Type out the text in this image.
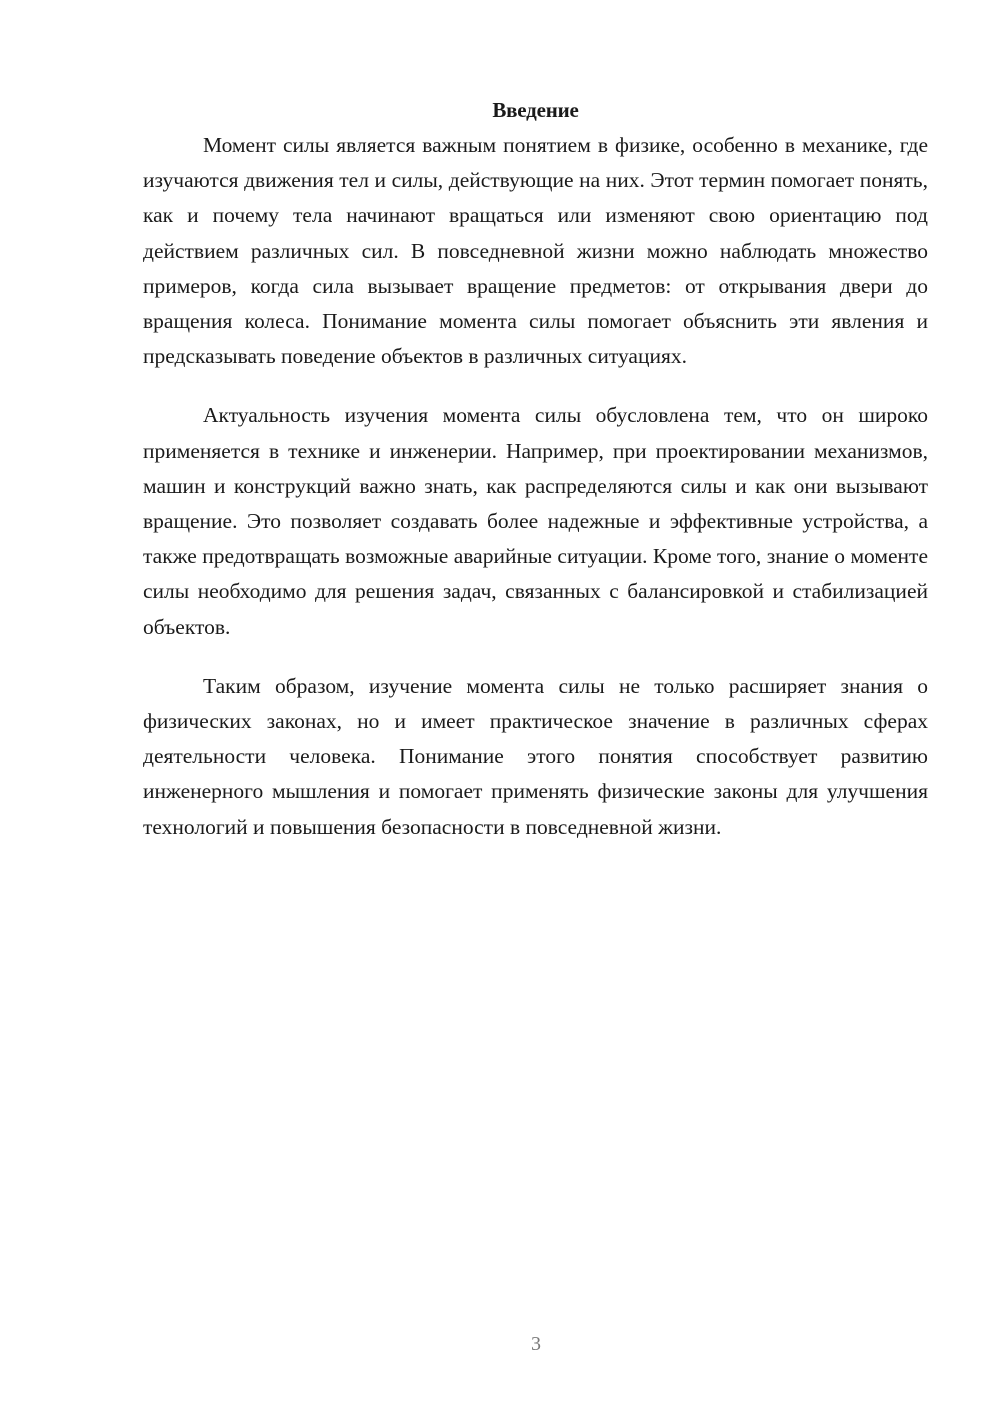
Введение

Момент силы является важным понятием в физике, особенно в механике, где изучаются движения тел и силы, действующие на них. Этот термин помогает понять, как и почему тела начинают вращаться или изменяют свою ориентацию под действием различных сил. В повседневной жизни можно наблюдать множество примеров, когда сила вызывает вращение предметов: от открывания двери до вращения колеса. Понимание момента силы помогает объяснить эти явления и предсказывать поведение объектов в различных ситуациях.

Актуальность изучения момента силы обусловлена тем, что он широко применяется в технике и инженерии. Например, при проектировании механизмов, машин и конструкций важно знать, как распределяются силы и как они вызывают вращение. Это позволяет создавать более надежные и эффективные устройства, а также предотвращать возможные аварийные ситуации. Кроме того, знание о моменте силы необходимо для решения задач, связанных с балансировкой и стабилизацией объектов.

Таким образом, изучение момента силы не только расширяет знания о физических законах, но и имеет практическое значение в различных сферах деятельности человека. Понимание этого понятия способствует развитию инженерного мышления и помогает применять физические законы для улучшения технологий и повышения безопасности в повседневной жизни.

3
